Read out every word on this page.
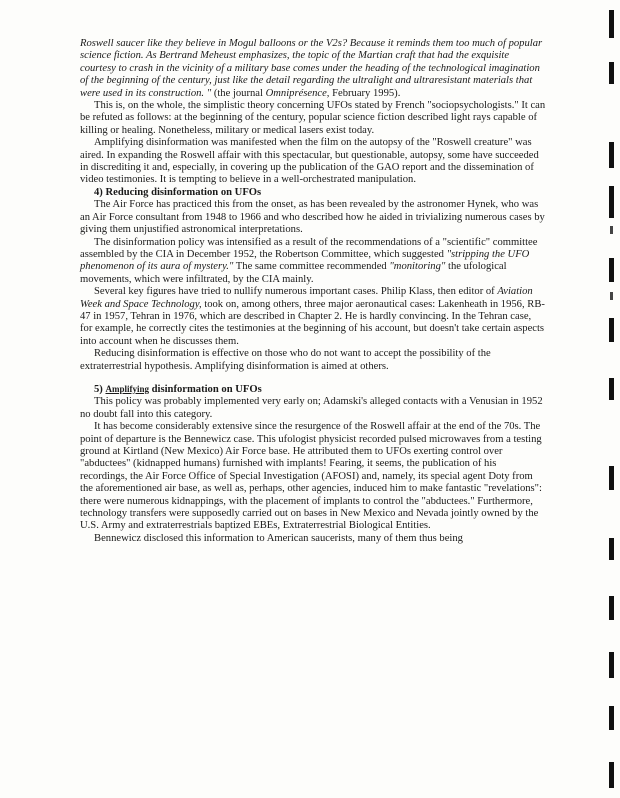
Roswell saucer like they believe in Mogul balloons or the V2s? Because it reminds them too much of popular science fiction. As Bertrand Meheust emphasizes, the topic of the Martian craft that had the exquisite courtesy to crash in the vicinity of a military base comes under the heading of the technological imagination of the beginning of the century, just like the detail regarding the ultralight and ultraresistant materials that were used in its construction. " (the journal Omniprésence, February 1995).

This is, on the whole, the simplistic theory concerning UFOs stated by French "sociopsychologists." It can be refuted as follows: at the beginning of the century, popular science fiction described light rays capable of killing or healing. Nonetheless, military or medical lasers exist today.

Amplifying disinformation was manifested when the film on the autopsy of the "Roswell creature" was aired. In expanding the Roswell affair with this spectacular, but questionable, autopsy, some have succeeded in discrediting it and, especially, in covering up the publication of the GAO report and the dissemination of video testimonies. It is tempting to believe in a well-orchestrated manipulation.

4) Reducing disinformation on UFOs

The Air Force has practiced this from the onset, as has been revealed by the astronomer Hynek, who was an Air Force consultant from 1948 to 1966 and who described how he aided in trivializing numerous cases by giving them unjustified astronomical interpretations.

The disinformation policy was intensified as a result of the recommendations of a "scientific" committee assembled by the CIA in December 1952, the Robertson Committee, which suggested "stripping the UFO phenomenon of its aura of mystery." The same committee recommended "monitoring" the ufological movements, which were infiltrated, by the CIA mainly.

Several key figures have tried to nullify numerous important cases. Philip Klass, then editor of Aviation Week and Space Technology, took on, among others, three major aeronautical cases: Lakenheath in 1956, RB-47 in 1957, Tehran in 1976, which are described in Chapter 2. He is hardly convincing. In the Tehran case, for example, he correctly cites the testimonies at the beginning of his account, but doesn't take certain aspects into account when he discusses them.

Reducing disinformation is effective on those who do not want to accept the possibility of the extraterrestrial hypothesis. Amplifying disinformation is aimed at others.

5) Amplifying disinformation on UFOs

This policy was probably implemented very early on; Adamski's alleged contacts with a Venusian in 1952 no doubt fall into this category.

It has become considerably extensive since the resurgence of the Roswell affair at the end of the 70s. The point of departure is the Bennewicz case. This ufologist physicist recorded pulsed microwaves from a testing ground at Kirtland (New Mexico) Air Force base. He attributed them to UFOs exerting control over "abductees" (kidnapped humans) furnished with implants! Fearing, it seems, the publication of his recordings, the Air Force Office of Special Investigation (AFOSI) and, namely, its special agent Doty from the aforementioned air base, as well as, perhaps, other agencies, induced him to make fantastic "revelations": there were numerous kidnappings, with the placement of implants to control the "abductees." Furthermore, technology transfers were supposedly carried out on bases in New Mexico and Nevada jointly owned by the U.S. Army and extraterrestrials baptized EBEs, Extraterrestrial Biological Entities.

Bennewicz disclosed this information to American saucerists, many of them thus being
